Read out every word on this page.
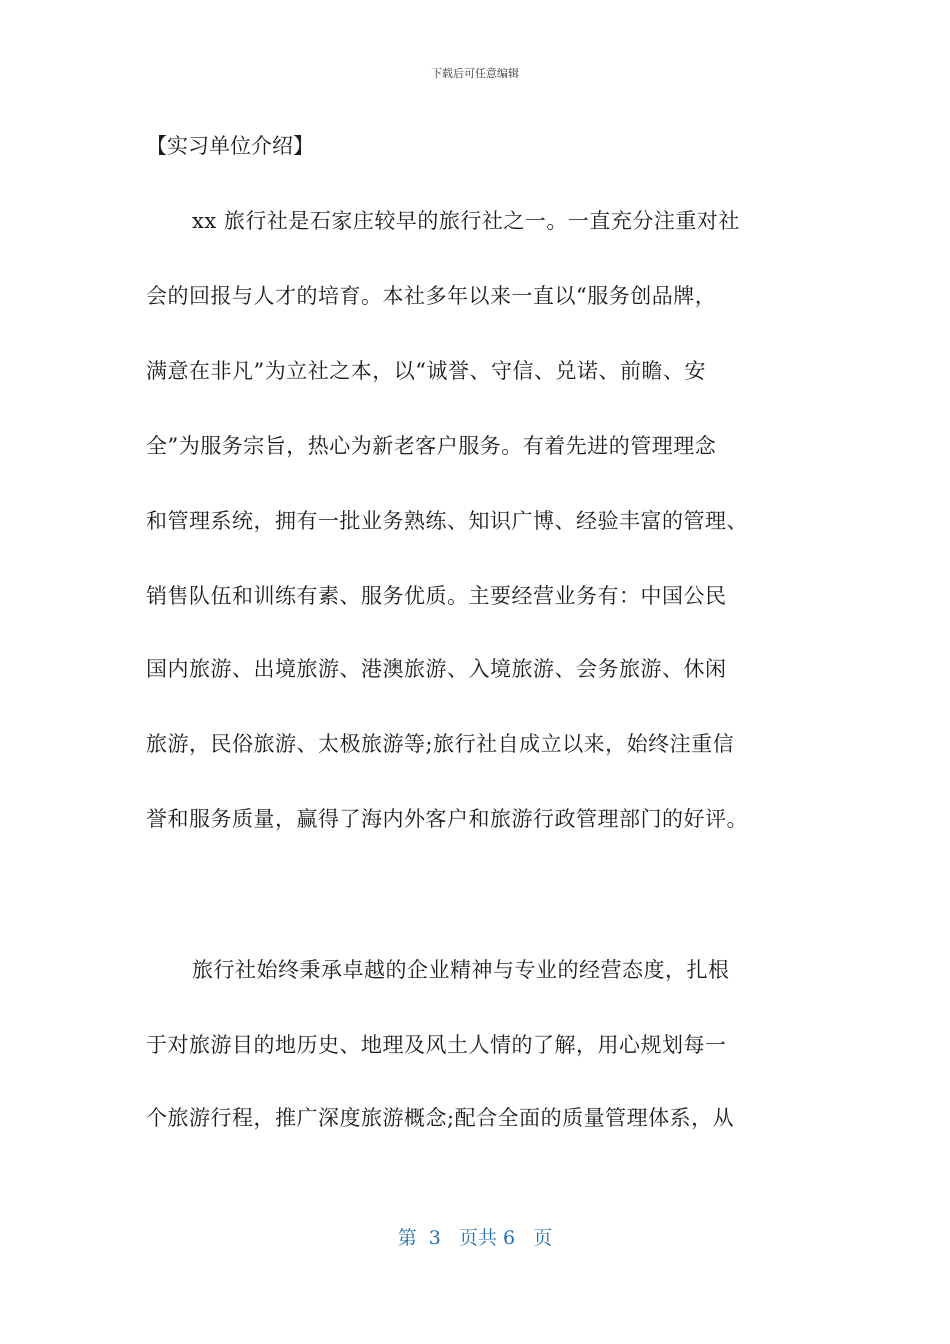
下载后可任意编辑
【实习单位介绍】
xx 旅行社是石家庄较早的旅行社之一。一直充分注重对社
会的回报与人才的培育。本社多年以来一直以“服务创品牌，
满意在非凡”为立社之本，以“诚誉、守信、兑诺、前瞻、安
全”为服务宗旨，热心为新老客户服务。有着先进的管理理念
和管理系统，拥有一批业务熟练、知识广博、经验丰富的管理、
销售队伍和训练有素、服务优质。主要经营业务有：中国公民
国内旅游、出境旅游、港澳旅游、入境旅游、会务旅游、休闲
旅游，民俗旅游、太极旅游等;旅行社自成立以来，始终注重信
誉和服务质量，赢得了海内外客户和旅游行政管理部门的好评。
旅行社始终秉承卓越的企业精神与专业的经营态度，扎根
于对旅游目的地历史、地理及风土人情的了解，用心规划每一
个旅游行程，推广深度旅游概念;配合全面的质量管理体系，从
第  3   页共 6   页
